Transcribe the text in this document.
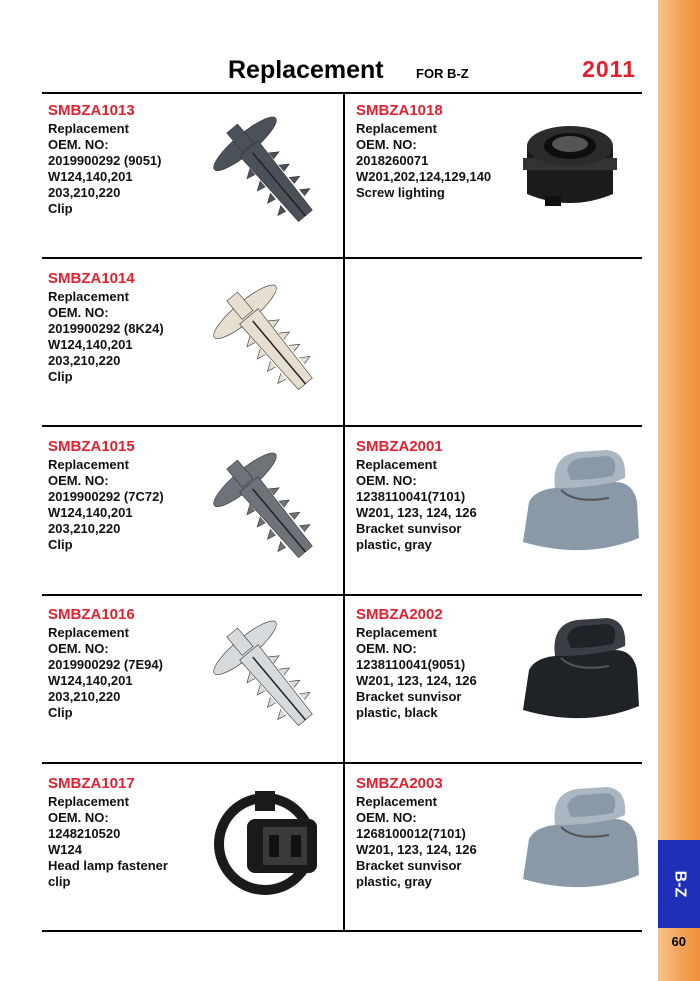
B-Z
60
Replacement FOR B-Z	2011
SMBZA1013
Replacement
OEM. NO:
2019900292 (9051)
W124,140,201
203,210,220
Clip
SMBZA1018
Replacement
OEM. NO:
2018260071
W201,202,124,129,140
Screw lighting
SMBZA1014
Replacement
OEM. NO:
2019900292 (8K24)
W124,140,201
203,210,220
Clip
SMBZA1015
Replacement
OEM. NO:
2019900292 (7C72)
W124,140,201
203,210,220
Clip
SMBZA2001
Replacement
OEM. NO:
1238110041(7101)
W201, 123, 124, 126
Bracket sunvisor
plastic, gray
SMBZA1016
Replacement
OEM. NO:
2019900292 (7E94)
W124,140,201
203,210,220
Clip
SMBZA2002
Replacement
OEM. NO:
1238110041(9051)
W201, 123, 124, 126
Bracket sunvisor
plastic, black
SMBZA1017
Replacement
OEM. NO:
1248210520
W124
Head lamp fastener
clip
SMBZA2003
Replacement
OEM. NO:
1268100012(7101)
W201, 123, 124, 126
Bracket sunvisor
plastic, gray
